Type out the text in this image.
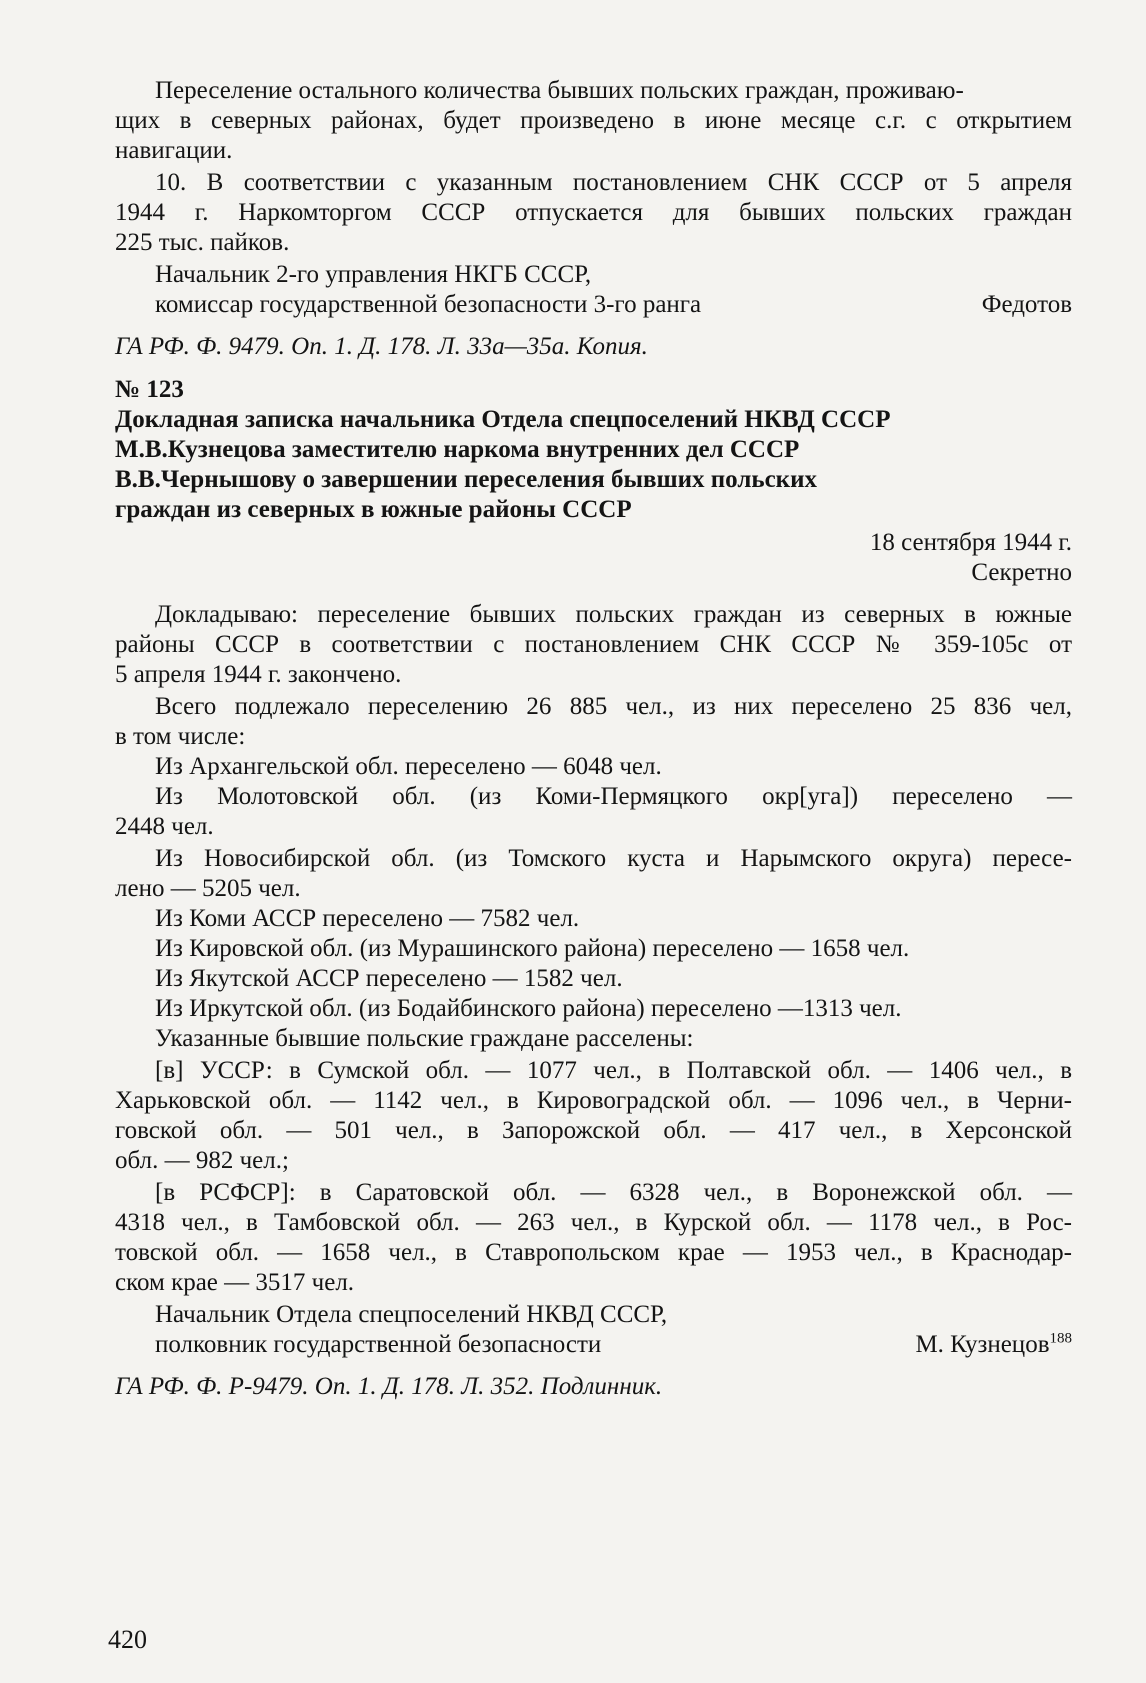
Переселение остального количества бывших польских граждан, проживаю-
щих в северных районах, будет произведено в июне месяце с.г. с открытием
навигации.
10. В соответствии с указанным постановлением СНК СССР от 5 апреля
1944 г. Наркомторгом СССР отпускается для бывших польских граждан
225 тыс. пайков.
Начальник 2-го управления НКГБ СССР,
комиссар государственной безопасности 3-го ранга	Федотов
ГА РФ. Ф. 9479. Оп. 1. Д. 178. Л. 33а—35а. Копия.
№ 123
Докладная записка начальника Отдела спецпоселений НКВД СССР
М.В.Кузнецова заместителю наркома внутренних дел СССР
В.В.Чернышову о завершении переселения бывших польских
граждан из северных в южные районы СССР
18 сентября 1944 г.
Секретно
Докладываю: переселение бывших польских граждан из северных в южные
районы СССР в соответствии с постановлением СНК СССР № 359-105с от
5 апреля 1944 г. закончено.
Всего подлежало переселению 26 885 чел., из них переселено 25 836 чел,
в том числе:
Из Архангельской обл. переселено — 6048 чел.
Из Молотовской обл. (из Коми-Пермяцкого окр[уга]) переселено —
2448 чел.
Из Новосибирской обл. (из Томского куста и Нарымского округа) пересе-
лено — 5205 чел.
Из Коми АССР переселено — 7582 чел.
Из Кировской обл. (из Мурашинского района) переселено — 1658 чел.
Из Якутской АССР переселено — 1582 чел.
Из Иркутской обл. (из Бодайбинского района) переселено —1313 чел.
Указанные бывшие польские граждане расселены:
[в] УССР: в Сумской обл. — 1077 чел., в Полтавской обл. — 1406 чел., в
Харьковской обл. — 1142 чел., в Кировоградской обл. — 1096 чел., в Черни-
говской обл. — 501 чел., в Запорожской обл. — 417 чел., в Херсонской
обл. — 982 чел.;
[в РСФСР]: в Саратовской обл. — 6328 чел., в Воронежской обл. —
4318 чел., в Тамбовской обл. — 263 чел., в Курской обл. — 1178 чел., в Рос-
товской обл. — 1658 чел., в Ставропольском крае — 1953 чел., в Краснодар-
ском крае — 3517 чел.
Начальник Отдела спецпоселений НКВД СССР,
полковник государственной безопасности	М. Кузнецов$^{188}$
ГА РФ. Ф. Р-9479. Оп. 1. Д. 178. Л. 352. Подлинник.
420
